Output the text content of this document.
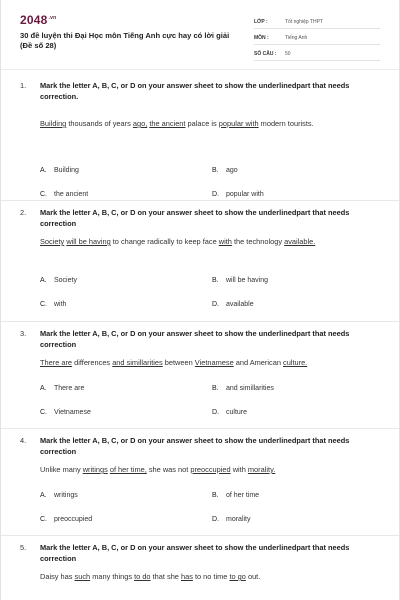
$2048^{.vn}$
30 đề luyện thi Đại Học môn Tiếng Anh cực hay có lời giải (Đề số 28)
LỚP :	Tốt nghiệp THPT
MÔN :	Tiếng Anh
SỐ CÂU :	50
1.	Mark the letter A, B, C, or D on your answer sheet to show the underlinedpart that needs correction.
Building thousands of years ago, the ancient palace is popular with modern tourists.
A. Building	B. ago
C. the ancient	D. popular with
2.	Mark the letter A, B, C, or D on your answer sheet to show the underlinedpart that needs correction
Society will be having to change radically to keep face with the technology available.
A. Society	B. will be having
C. with	D. available
3.	Mark the letter A, B, C, or D on your answer sheet to show the underlinedpart that needs correction
There are differences and simillarities between Vietnamese and American culture.
A. There are	B. and simillarities
C. Vietnamese	D. culture
4.	Mark the letter A, B, C, or D on your answer sheet to show the underlinedpart that needs correction
Unlike many writings of her time, she was not preoccupied with morality.
A. writings	B. of her time
C. preoccupied	D. morality
5.	Mark the letter A, B, C, or D on your answer sheet to show the underlinedpart that needs correction
Daisy has such many things to do that she has to no time to go out.
